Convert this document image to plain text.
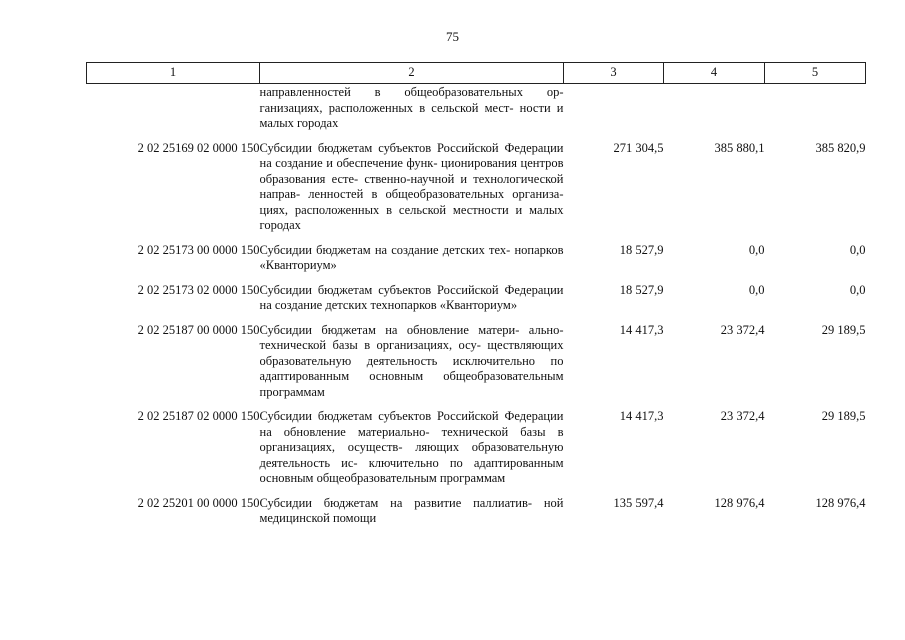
75
1	2	3	4	5
	направленностей в общеобразовательных ор- ганизациях, расположенных в сельской мест- ности и малых городах			
2 02 25169 02 0000 150	Субсидии бюджетам субъектов Российской Федерации на создание и обеспечение функ- ционирования центров образования есте- ственно-научной и технологической направ- ленностей в общеобразовательных организа- циях, расположенных в сельской местности и малых городах	271 304,5	385 880,1	385 820,9
2 02 25173 00 0000 150	Субсидии бюджетам на создание детских тех- нопарков «Кванториум»	18 527,9	0,0	0,0
2 02 25173 02 0000 150	Субсидии бюджетам субъектов Российской Федерации на создание детских технопарков «Кванториум»	18 527,9	0,0	0,0
2 02 25187 00 0000 150	Субсидии бюджетам на обновление матери- ально-технической базы в организациях, осу- ществляющих образовательную деятельность исключительно по адаптированным основным общеобразовательным программам	14 417,3	23 372,4	29 189,5
2 02 25187 02 0000 150	Субсидии бюджетам субъектов Российской Федерации на обновление материально- технической базы в организациях, осуществ- ляющих образовательную деятельность ис- ключительно по адаптированным основным общеобразовательным программам	14 417,3	23 372,4	29 189,5
2 02 25201 00 0000 150	Субсидии бюджетам на развитие паллиатив- ной медицинской помощи	135 597,4	128 976,4	128 976,4
